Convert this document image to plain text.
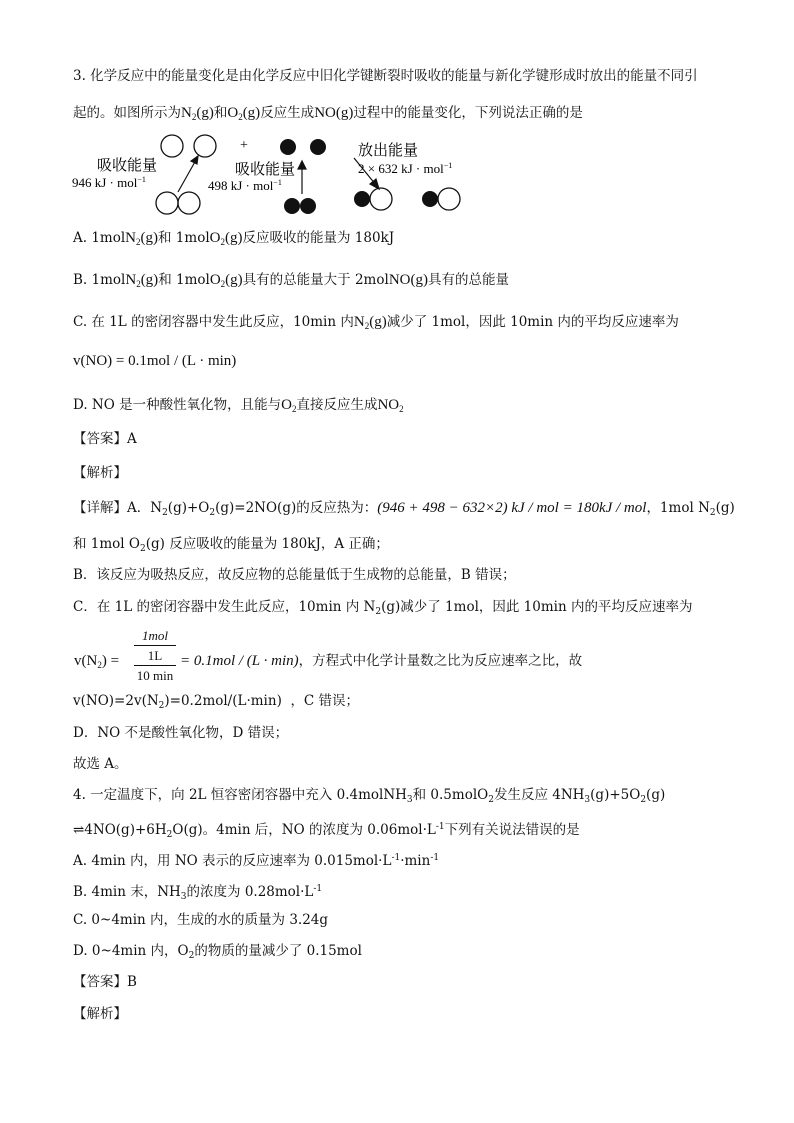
3. 化学反应中的能量变化是由化学反应中旧化学键断裂时吸收的能量与新化学键形成时放出的能量不同引
起的。如图所示为$N_2(g)$和$O_2(g)$反应生成NO(g)过程中的能量变化，下列说法正确的是
吸收能量
946 kJ · mol$^{-1}$
+
吸收能量
498 kJ · mol$^{-1}$
放出能量
2 × 632 kJ · mol$^{-1}$
A. 1molN$_2$(g)和 1molO$_2$(g)反应吸收的能量为 180kJ
B. 1molN$_2$(g)和 1molO$_2$(g)具有的总能量大于 2molNO(g)具有的总能量
C. 在 1L 的密闭容器中发生此反应，10min 内$N_2(g)$减少了 1mol，因此 10min 内的平均反应速率为
v(NO) = 0.1mol / (L · min)
D. NO 是一种酸性氧化物，且能与$O_2$直接反应生成$NO_2$
【答案】A
【解析】
【详解】A．$N_2(g)+O_2(g)=2NO(g)$的反应热为：(946 + 498 − 632×2) kJ / mol = 180kJ / mol，1mol $N_2(g)$
和 1mol $O_2(g)$ 反应吸收的能量为 180kJ，A 正确；
B．该反应为吸热反应，故反应物的总能量低于生成物的总能量，B 错误；
C．在 1L 的密闭容器中发生此反应，10min 内 $N_2(g)$减少了 1mol，因此 10min 内的平均反应速率为
$v(N_2)$ =
1mol
1L
10 min
= 0.1mol / (L · min)，方程式中化学计量数之比为反应速率之比，故
$v(NO)=2v(N_2)=0.2mol/(L\cdot\min)$ ，C 错误；
D．NO 不是酸性氧化物，D 错误；
故选 A。
4. 一定温度下，向 2L 恒容密闭容器中充入 0.4molNH$_3$和 0.5molO$_2$发生反应 $4NH_3(g)+5O_2(g)$
$\rightleftharpoons 4NO(g)+6H_2O(g)$。4min 后，NO 的浓度为 $0.06mol\cdot L^{-1}$下列有关说法错误的是
A. 4min 内，用 NO 表示的反应速率为 $0.015mol\cdot L^{-1}\cdot\min^{-1}$
B. 4min 末，$NH_3$的浓度为 $0.28mol\cdot L^{-1}$
C. 0~4min 内，生成的水的质量为 3.24g
D. 0~4min 内，$O_2$的物质的量减少了 0.15mol
【答案】B
【解析】
